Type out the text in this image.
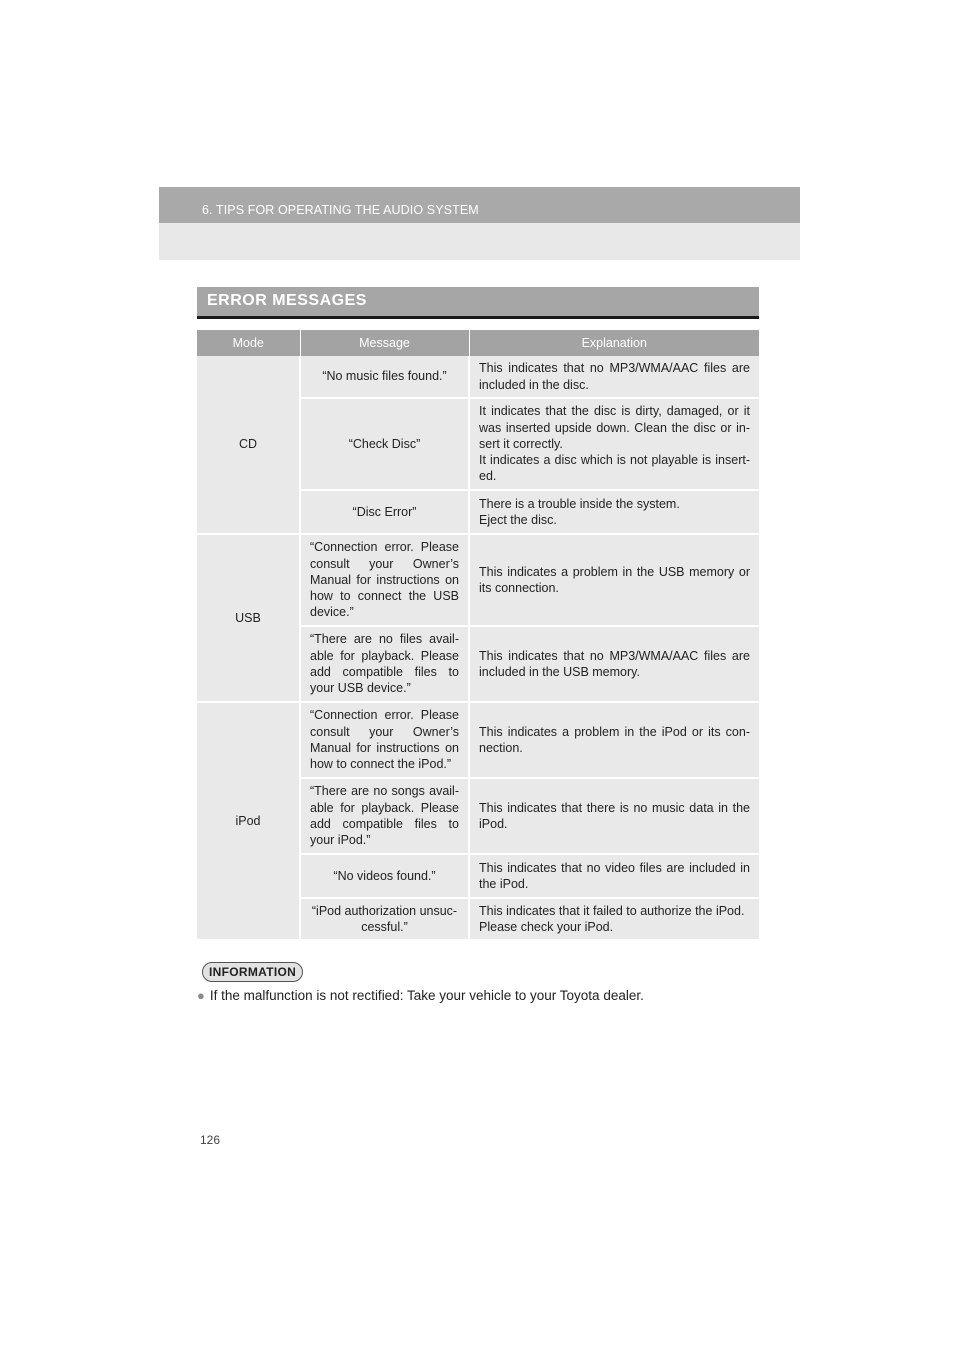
6. TIPS FOR OPERATING THE AUDIO SYSTEM
ERROR MESSAGES
Mode	Message	Explanation
CD	“No music files found.”	This indicates that no MP3/WMA/AAC files are included in the disc.
	“Check Disc”	It indicates that the disc is dirty, damaged, or it was inserted upside down. Clean the disc or in-sert it correctly.
It indicates a disc which is not playable is insert-ed.

	“Disc Error”	There is a trouble inside the system.
Eject the disc.

USB	“Connection error. Please consult your Owner’s Manual for instructions on how to connect the USB device.”	This indicates a problem in the USB memory or its connection.
	“There are no files avail-able for playback. Please add compatible files to your USB device.”	This indicates that no MP3/WMA/AAC files are included in the USB memory.
iPod	“Connection error. Please consult your Owner’s Manual for instructions on how to connect the iPod.”	This indicates a problem in the iPod or its con-nection.
	“There are no songs avail-able for playback. Please add compatible files to your iPod.”	This indicates that there is no music data in the iPod.
	“No videos found.”	This indicates that no video files are included in the iPod.
	“iPod authorization unsuc-cessful.”	This indicates that it failed to authorize the iPod.
Please check your iPod.
INFORMATION
● If the malfunction is not rectified: Take your vehicle to your Toyota dealer.
126
